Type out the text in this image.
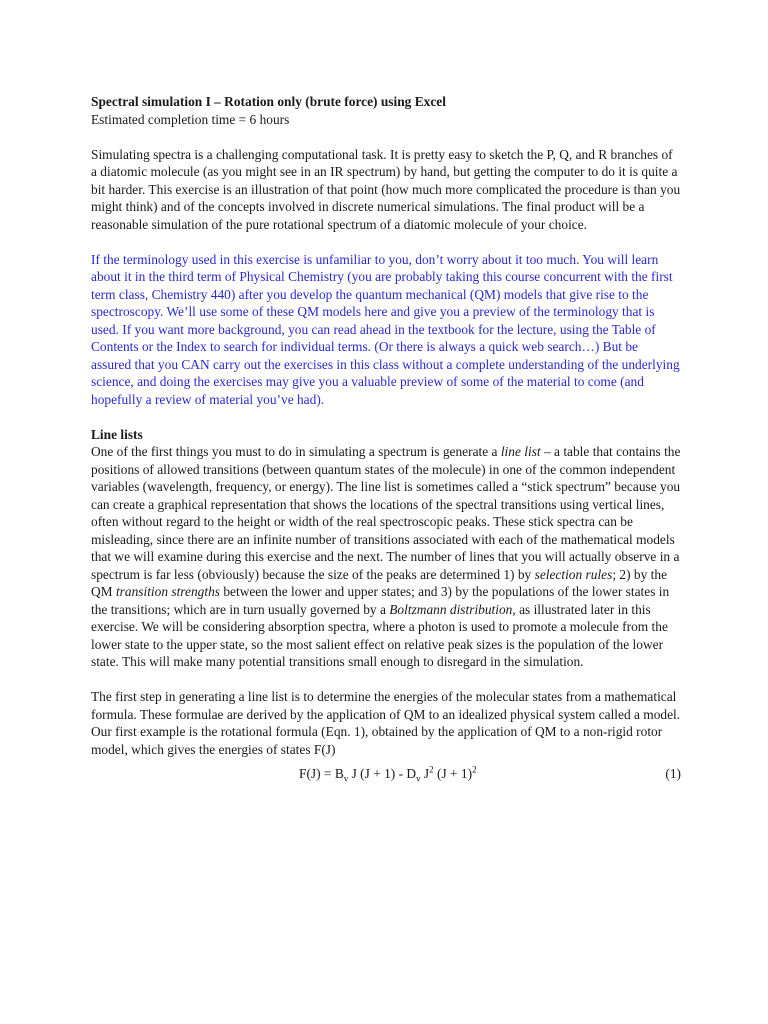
Spectral simulation I – Rotation only (brute force) using Excel

Estimated completion time = 6 hours

Simulating spectra is a challenging computational task. It is pretty easy to sketch the P, Q, and R branches of a diatomic molecule (as you might see in an IR spectrum) by hand, but getting the computer to do it is quite a bit harder. This exercise is an illustration of that point (how much more complicated the procedure is than you might think) and of the concepts involved in discrete numerical simulations. The final product will be a reasonable simulation of the pure rotational spectrum of a diatomic molecule of your choice.

If the terminology used in this exercise is unfamiliar to you, don’t worry about it too much. You will learn about it in the third term of Physical Chemistry (you are probably taking this course concurrent with the first term class, Chemistry 440) after you develop the quantum mechanical (QM) models that give rise to the spectroscopy. We’ll use some of these QM models here and give you a preview of the terminology that is used. If you want more background, you can read ahead in the textbook for the lecture, using the Table of Contents or the Index to search for individual terms. (Or there is always a quick web search…) But be assured that you CAN carry out the exercises in this class without a complete understanding of the underlying science, and doing the exercises may give you a valuable preview of some of the material to come (and hopefully a review of material you’ve had).

Line lists

One of the first things you must to do in simulating a spectrum is generate a line list – a table that contains the positions of allowed transitions (between quantum states of the molecule) in one of the common independent variables (wavelength, frequency, or energy). The line list is sometimes called a “stick spectrum” because you can create a graphical representation that shows the locations of the spectral transitions using vertical lines, often without regard to the height or width of the real spectroscopic peaks. These stick spectra can be misleading, since there are an infinite number of transitions associated with each of the mathematical models that we will examine during this exercise and the next. The number of lines that you will actually observe in a spectrum is far less (obviously) because the size of the peaks are determined 1) by selection rules; 2) by the QM transition strengths between the lower and upper states; and 3) by the populations of the lower states in the transitions; which are in turn usually governed by a Boltzmann distribution, as illustrated later in this exercise. We will be considering absorption spectra, where a photon is used to promote a molecule from the lower state to the upper state, so the most salient effect on relative peak sizes is the population of the lower state. This will make many potential transitions small enough to disregard in the simulation.

The first step in generating a line list is to determine the energies of the molecular states from a mathematical formula. These formulae are derived by the application of QM to an idealized physical system called a model. Our first example is the rotational formula (Eqn. 1), obtained by the application of QM to a non-rigid rotor model, which gives the energies of states F(J)

$F(J) = B_v$ J $(J + 1) - D_v$ $J^2$ $(J + 1)^2$	(1)
